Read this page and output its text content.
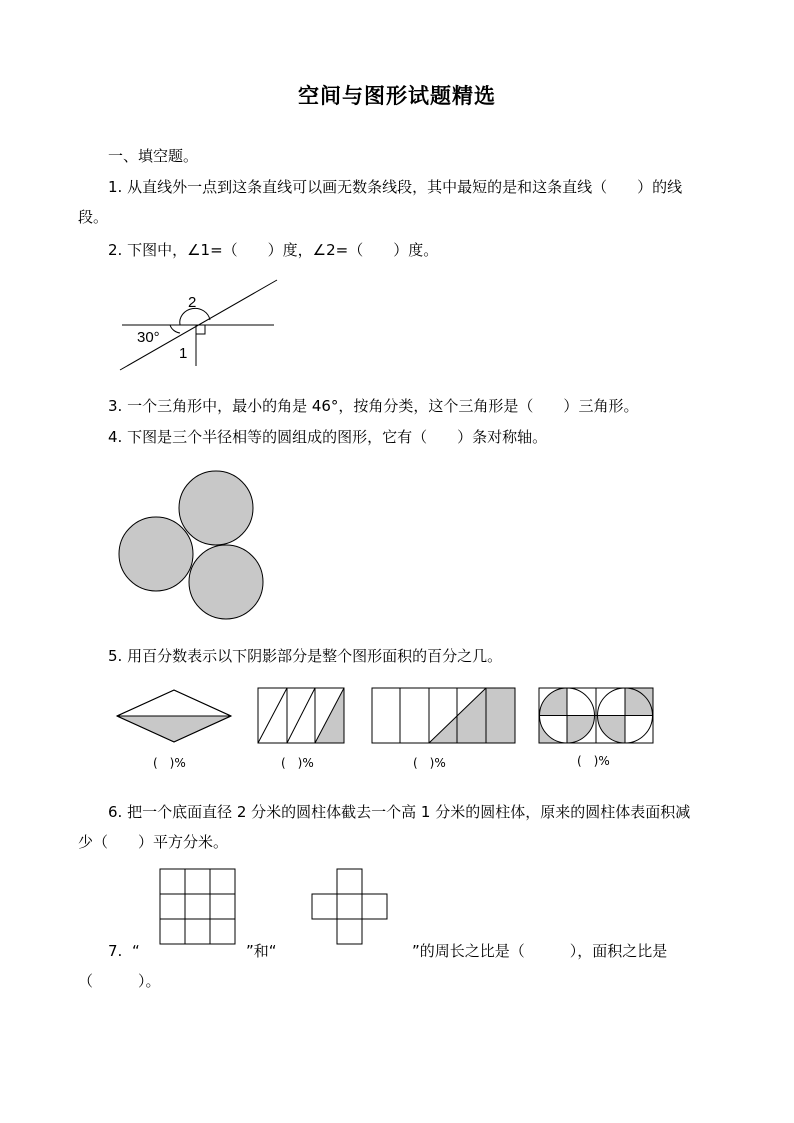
空间与图形试题精选
一、填空题。
1. 从直线外一点到这条直线可以画无数条线段，其中最短的是和这条直线（　　）的线
段。
2. 下图中，∠1=（　　）度，∠2=（　　）度。
2
30°
1
3. 一个三角形中，最小的角是 46°，按角分类，这个三角形是（　　）三角形。
4. 下图是三个半径相等的圆组成的图形，它有（　　）条对称轴。
5. 用百分数表示以下阴影部分是整个图形面积的百分之几。
(　)%	(　)%	(　)%	(　)%
6. 把一个底面直径 2 分米的圆柱体截去一个高 1 分米的圆柱体，原来的圆柱体表面积减
少（　　）平方分米。
7. “	”和“	”的周长之比是（　　　），面积之比是
（　　　）。
